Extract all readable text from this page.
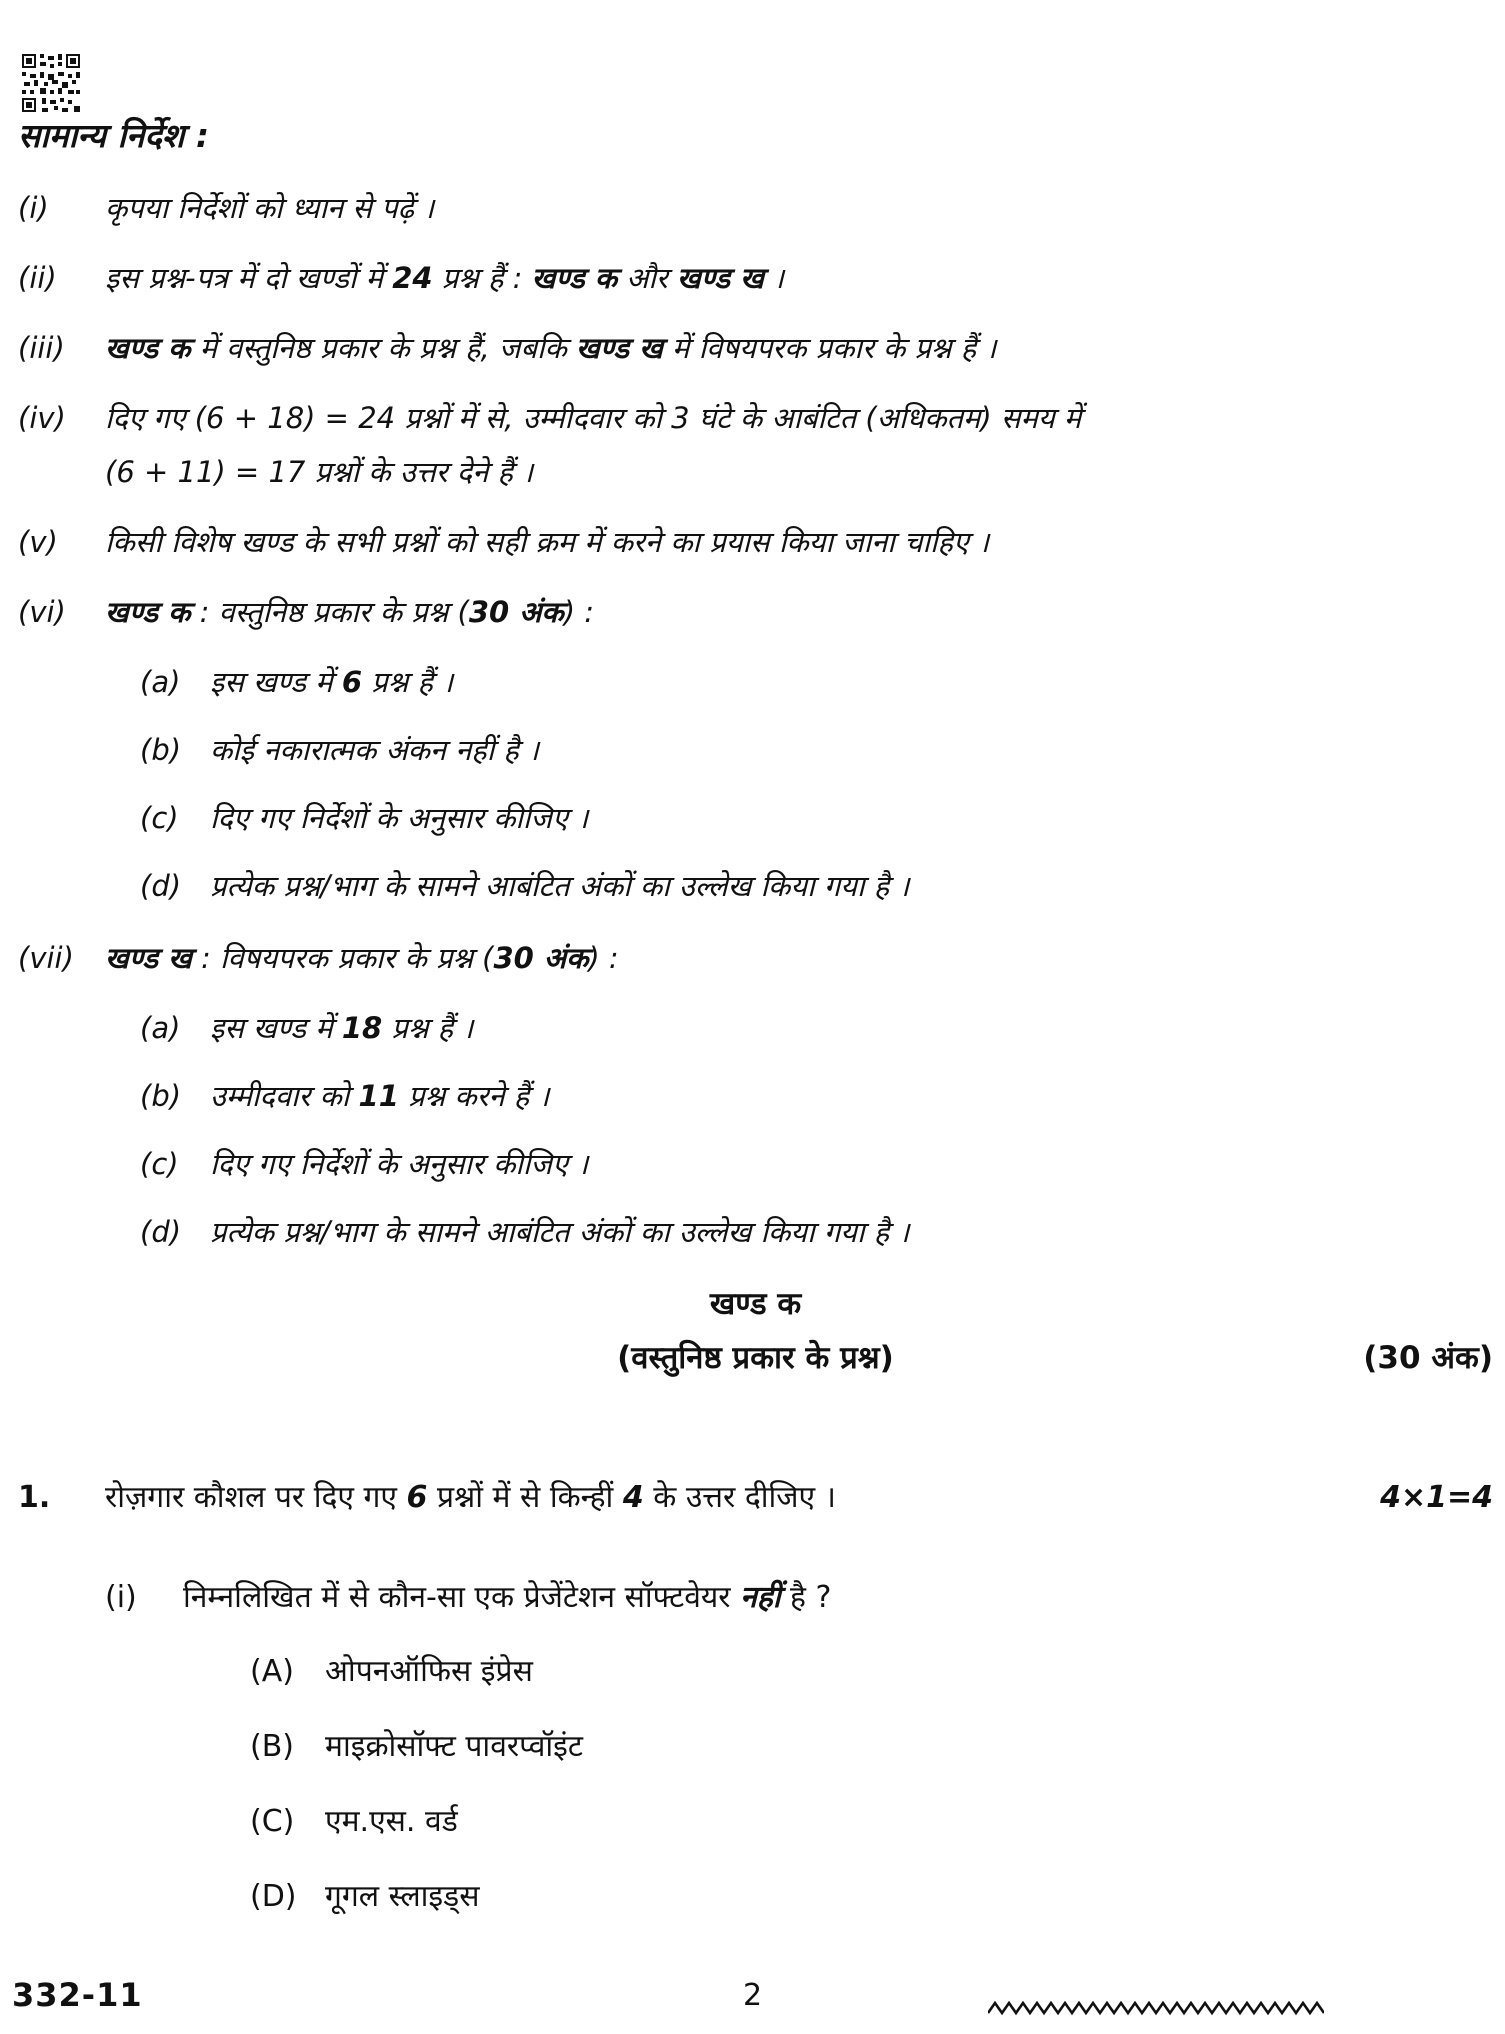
सामान्य निर्देश :
(i)	कृपया निर्देशों को ध्यान से पढ़ें ।
(ii)	इस प्रश्न-पत्र में दो खण्डों में 24 प्रश्न हैं : खण्ड क और खण्ड ख ।
(iii)	खण्ड क में वस्तुनिष्ठ प्रकार के प्रश्न हैं, जबकि खण्ड ख में विषयपरक प्रकार के प्रश्न हैं ।
(iv)	दिए गए (6 + 18) = 24 प्रश्नों में से, उम्मीदवार को 3 घंटे के आबंटित (अधिकतम) समय में
(6 + 11) = 17 प्रश्नों के उत्तर देने हैं ।
(v)	किसी विशेष खण्ड के सभी प्रश्नों को सही क्रम में करने का प्रयास किया जाना चाहिए ।
(vi)	खण्ड क : वस्तुनिष्ठ प्रकार के प्रश्न (30 अंक) :
(a)	इस खण्ड में 6 प्रश्न हैं ।
(b) कोई नकारात्मक अंकन नहीं है ।
(c)	दिए गए निर्देशों के अनुसार कीजिए ।
(d) प्रत्येक प्रश्न/भाग के सामने आबंटित अंकों का उल्लेख किया गया है ।
(vii)	खण्ड ख : विषयपरक प्रकार के प्रश्न (30 अंक) :
(a)	इस खण्ड में 18 प्रश्न हैं ।
(b) उम्मीदवार को 11 प्रश्न करने हैं ।
(c)	दिए गए निर्देशों के अनुसार कीजिए ।
(d) प्रत्येक प्रश्न/भाग के सामने आबंटित अंकों का उल्लेख किया गया है ।
खण्ड क
(वस्तुनिष्ठ प्रकार के प्रश्न)	(30 अंक)
1.	रोज़गार कौशल पर दिए गए 6 प्रश्नों में से किन्हीं 4 के उत्तर दीजिए ।	4×1=4
(i)	निम्नलिखित में से कौन-सा एक प्रेजेंटेशन सॉफ्टवेयर नहीं है ?
(A)	ओपनऑफिस इंप्रेस
(B)	माइक्रोसॉफ्ट पावरप्वॉइंट
(C)	एम.एस. वर्ड
(D) गूगल स्लाइड्स
332-11	2
